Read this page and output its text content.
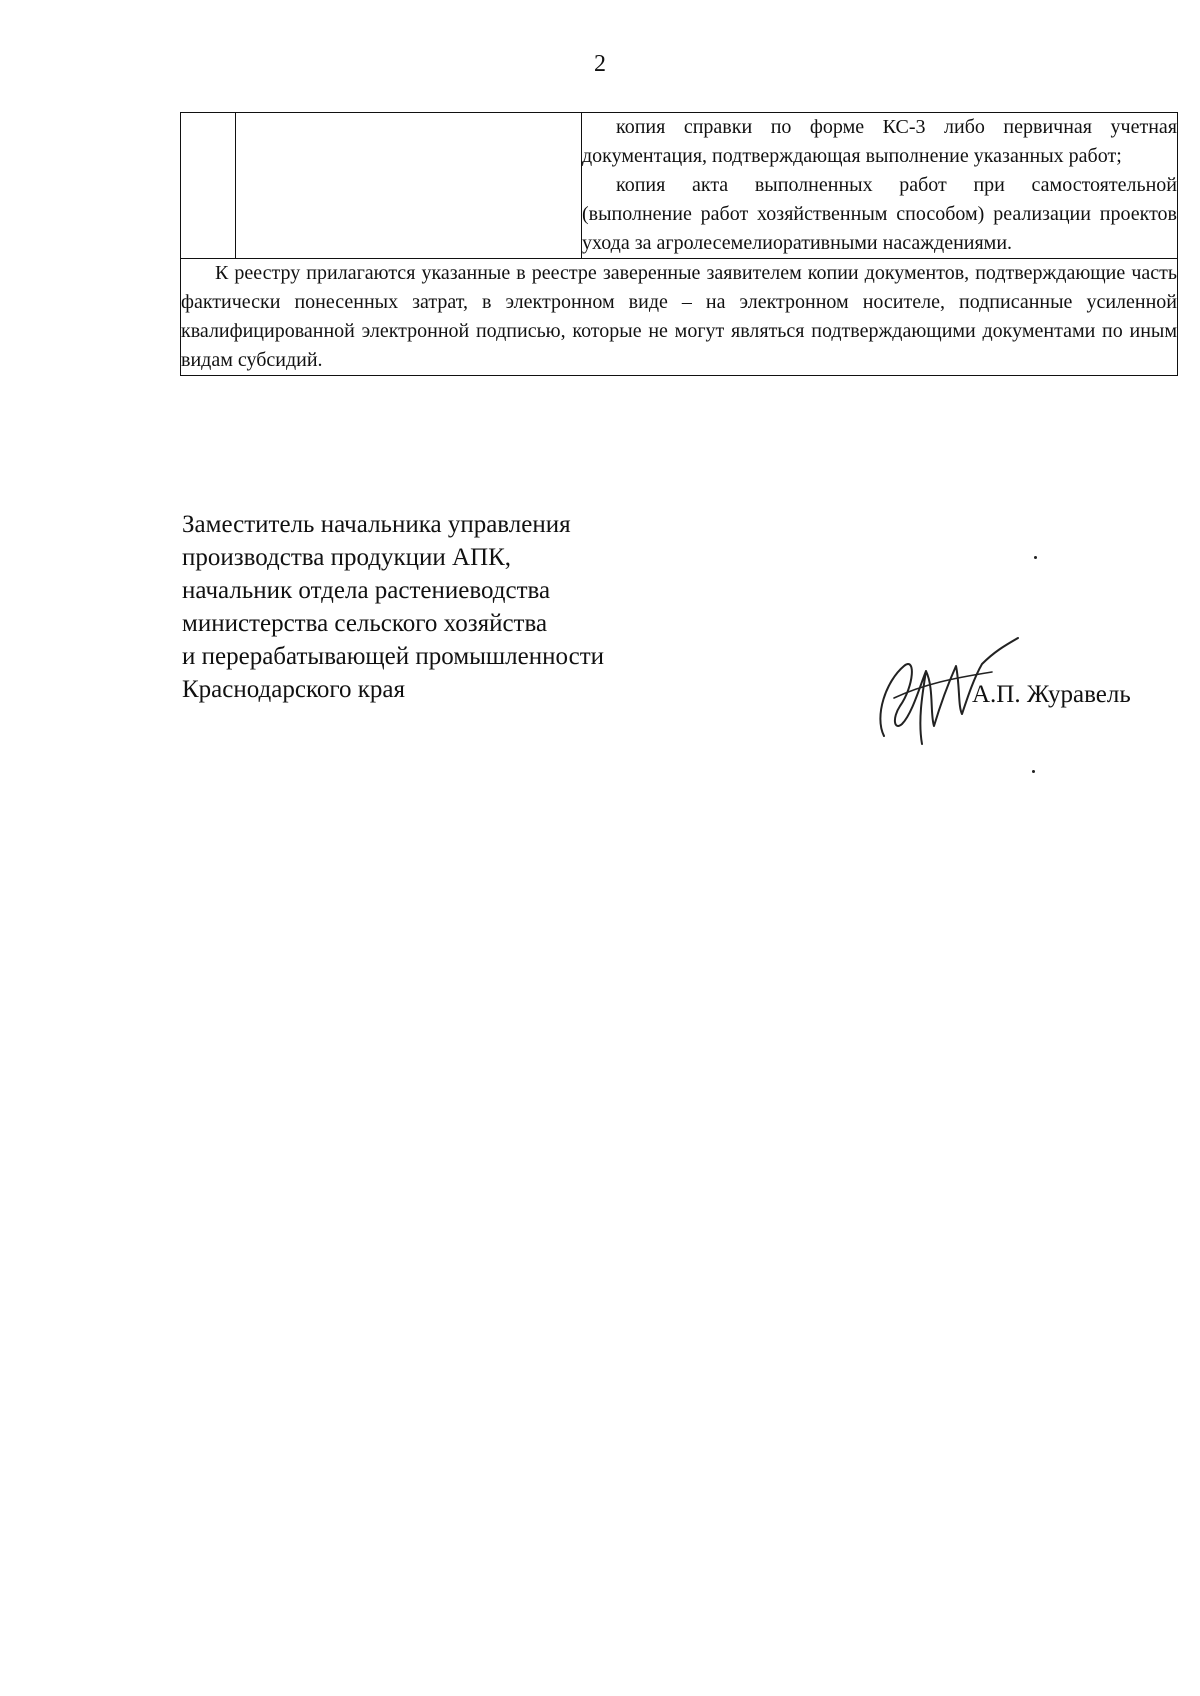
2

копия справки по форме КС-3 либо первичная учетная документация, подтверждающая выполнение указанных работ;

копия акта выполненных работ при самостоятельной (выполнение работ хозяйственным способом) реализации проектов ухода за агролесемелиоративными насаждениями.

К реестру прилагаются указанные в реестре заверенные заявителем копии документов, подтверждающие часть фактически понесенных затрат, в электронном виде – на электронном носителе, подписанные усиленной квалифицированной электронной подписью, которые не могут являться подтверждающими документами по иным видам субсидий.

Заместитель начальника управления
производства продукции АПК,
начальник отдела растениеводства
министерства сельского хозяйства
и перерабатывающей промышленности
Краснодарского края	А.П. Журавель
